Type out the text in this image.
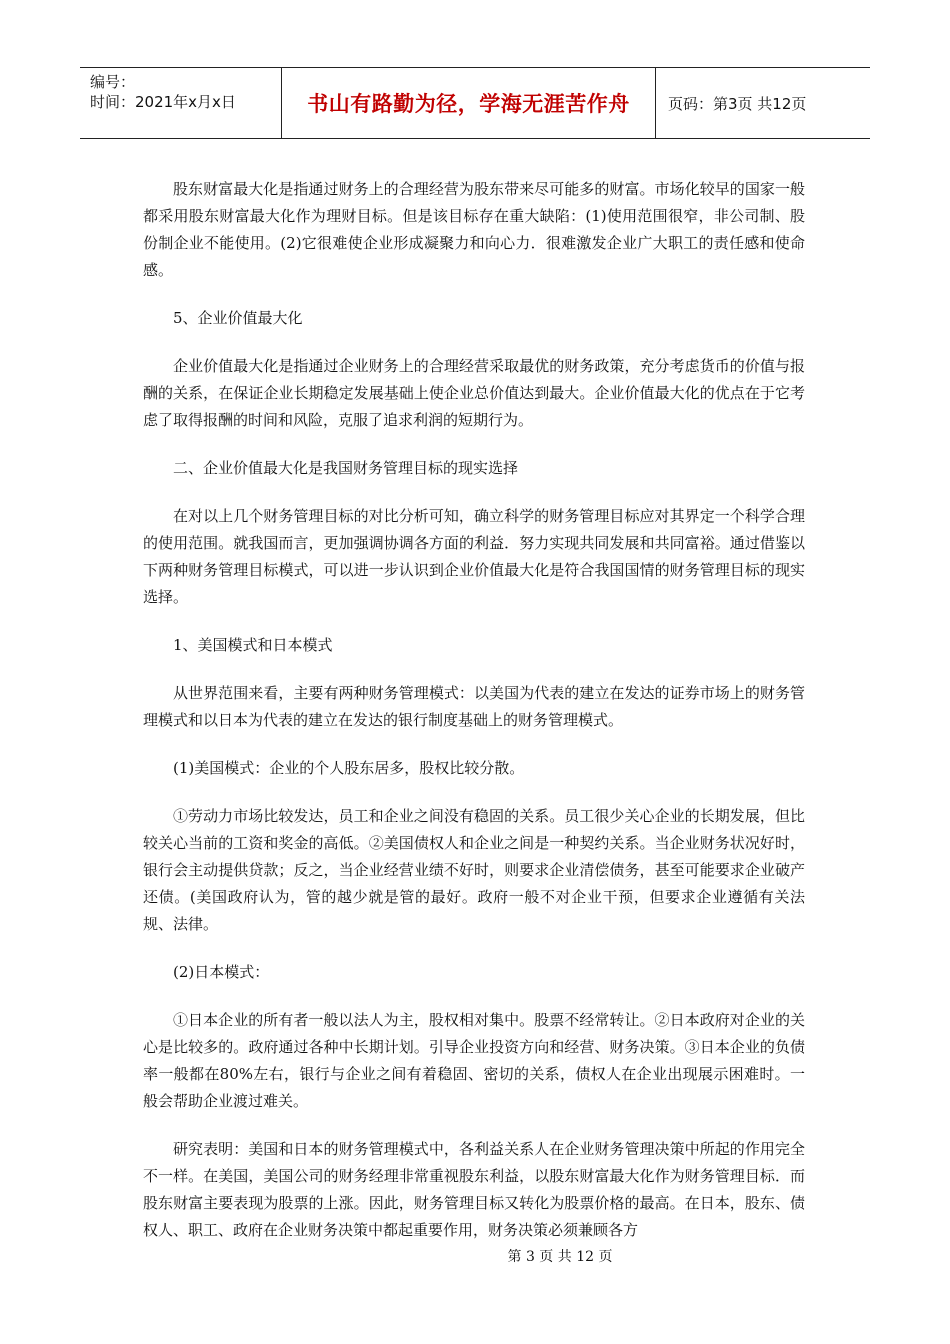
编号：
时间：2021年x月x日	书山有路勤为径，学海无涯苦作舟	页码：第3页 共12页

股东财富最大化是指通过财务上的合理经营为股东带来尽可能多的财富。市场化较早的国家一般都采用股东财富最大化作为理财目标。但是该目标存在重大缺陷：(1)使用范围很窄，非公司制、股份制企业不能使用。(2)它很难使企业形成凝聚力和向心力．很难激发企业广大职工的责任感和使命感。

5、企业价值最大化

企业价值最大化是指通过企业财务上的合理经营采取最优的财务政策，充分考虑货币的价值与报酬的关系，在保证企业长期稳定发展基础上使企业总价值达到最大。企业价值最大化的优点在于它考虑了取得报酬的时间和风险，克服了追求利润的短期行为。

二、企业价值最大化是我国财务管理目标的现实选择

在对以上几个财务管理目标的对比分析可知，确立科学的财务管理目标应对其界定一个科学合理的使用范围。就我国而言，更加强调协调各方面的利益．努力实现共同发展和共同富裕。通过借鉴以下两种财务管理目标模式，可以进一步认识到企业价值最大化是符合我国国情的财务管理目标的现实选择。

1、美国模式和日本模式

从世界范围来看，主要有两种财务管理模式：以美国为代表的建立在发达的证券市场上的财务管理模式和以日本为代表的建立在发达的银行制度基础上的财务管理模式。

(1)美国模式：企业的个人股东居多，股权比较分散。

①劳动力市场比较发达，员工和企业之间没有稳固的关系。员工很少关心企业的长期发展，但比较关心当前的工资和奖金的高低。②美国债权人和企业之间是一种契约关系。当企业财务状况好时，银行会主动提供贷款；反之，当企业经营业绩不好时，则要求企业清偿债务，甚至可能要求企业破产还债。(美国政府认为，管的越少就是管的最好。政府一般不对企业干预，但要求企业遵循有关法规、法律。

(2)日本模式：

①日本企业的所有者一般以法人为主，股权相对集中。股票不经常转让。②日本政府对企业的关心是比较多的。政府通过各种中长期计划。引导企业投资方向和经营、财务决策。③日本企业的负债率一般都在80%左右，银行与企业之间有着稳固、密切的关系，债权人在企业出现展示困难时。一般会帮助企业渡过难关。

研究表明：美国和日本的财务管理模式中，各利益关系人在企业财务管理决策中所起的作用完全不一样。在美国，美国公司的财务经理非常重视股东利益，以股东财富最大化作为财务管理目标．而股东财富主要表现为股票的上涨。因此，财务管理目标又转化为股票价格的最高。在日本，股东、债权人、职工、政府在企业财务决策中都起重要作用，财务决策必须兼顾各方

第 3 页 共 12 页
